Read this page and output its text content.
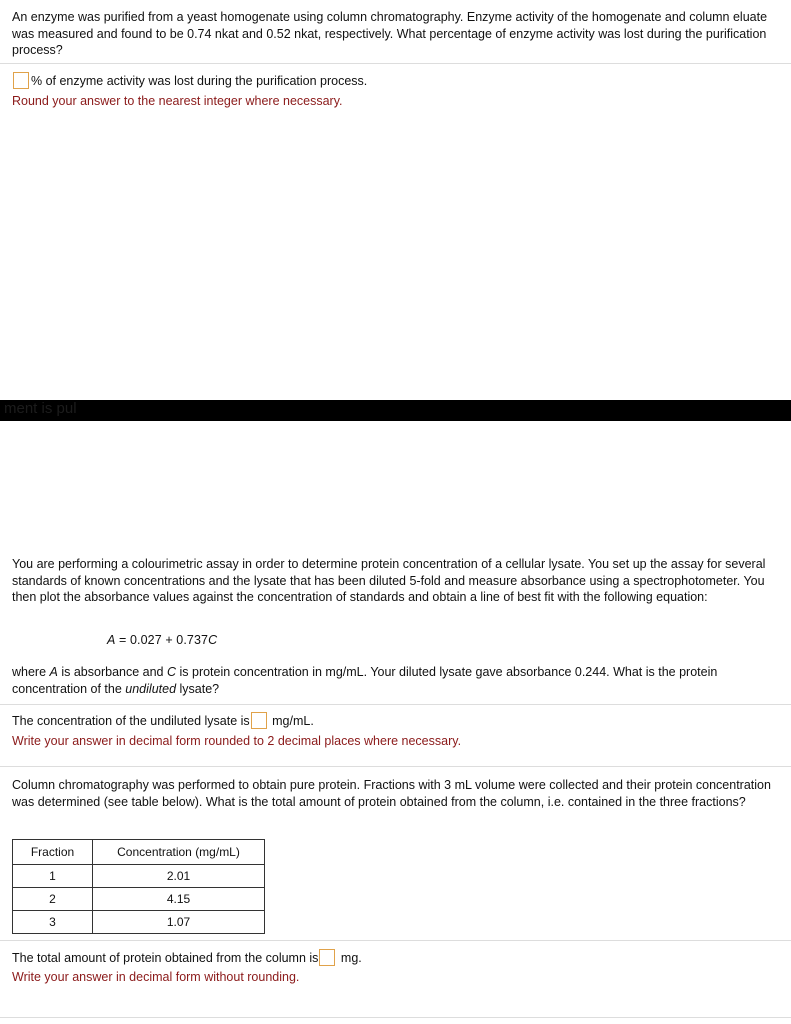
An enzyme was purified from a yeast homogenate using column chromatography. Enzyme activity of the homogenate and column eluate was measured and found to be 0.74 nkat and 0.52 nkat, respectively. What percentage of enzyme activity was lost during the purification process?

% of enzyme activity was lost during the purification process.
Round your answer to the nearest integer where necessary.
ment is pul

You are performing a colourimetric assay in order to determine protein concentration of a cellular lysate. You set up the assay for several standards of known concentrations and the lysate that has been diluted 5-fold and measure absorbance using a spectrophotometer. You then plot the absorbance values against the concentration of standards and obtain a line of best fit with the following equation:

A = 0.027 + 0.737C

where A is absorbance and C is protein concentration in mg/mL. Your diluted lysate gave absorbance 0.244. What is the protein concentration of the undiluted lysate?

The concentration of the undiluted lysate is mg/mL.
Write your answer in decimal form rounded to 2 decimal places where necessary.

Column chromatography was performed to obtain pure protein. Fractions with 3 mL volume were collected and their protein concentration was determined (see table below). What is the total amount of protein obtained from the column, i.e. contained in the three fractions?

Fraction	Concentration (mg/mL)
1	2.01
2	4.15
3	1.07
The total amount of protein obtained from the column is mg.
Write your answer in decimal form without rounding.
